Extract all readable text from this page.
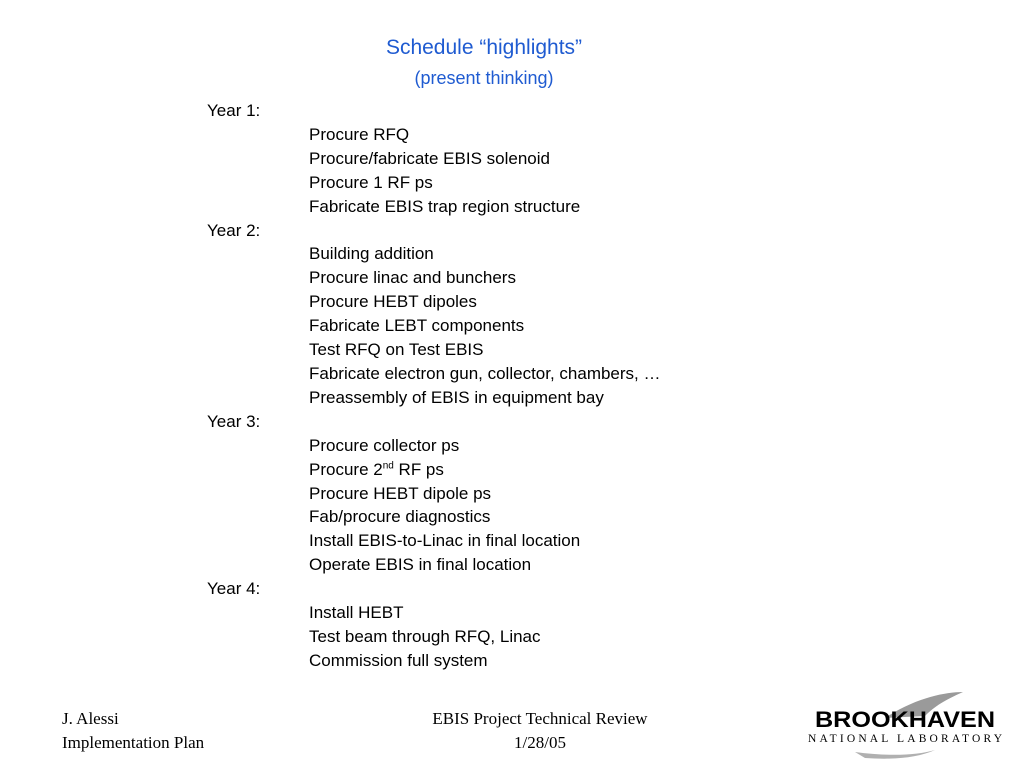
Schedule “highlights”
(present thinking)

Year 1:

Procure RFQ

Procure/fabricate EBIS solenoid

Procure 1 RF ps

Fabricate EBIS trap region structure

Year 2:

Building addition

Procure linac and bunchers

Procure HEBT dipoles

Fabricate LEBT components

Test RFQ on Test EBIS

Fabricate electron gun, collector, chambers, …

Preassembly of EBIS in equipment bay

Year 3:

Procure collector ps

Procure 2nd RF ps

Procure HEBT dipole ps

Fab/procure diagnostics

Install EBIS-to-Linac in final location

Operate EBIS in final location

Year 4:

Install HEBT

Test beam through RFQ, Linac

Commission full system

J. Alessi
Implementation Plan
EBIS Project Technical Review
1/28/05
BROOKHAVEN
NATIONAL LABORATORY
